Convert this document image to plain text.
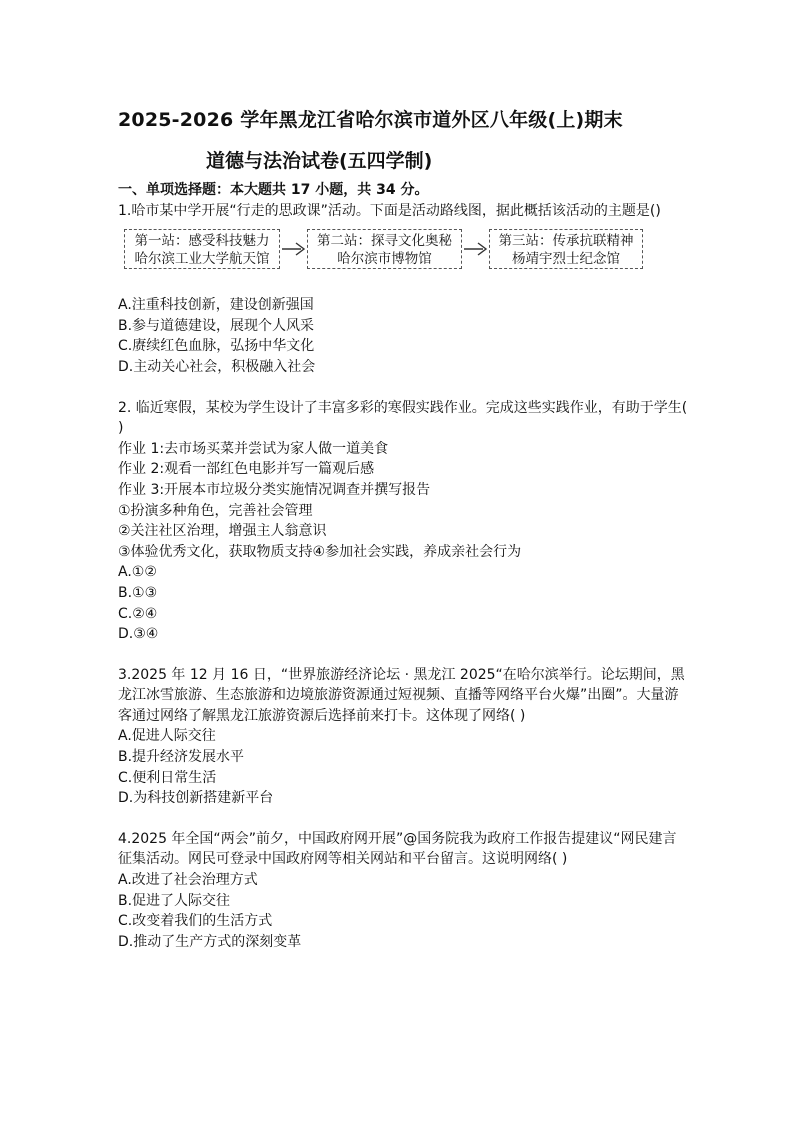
2025-2026 学年黑龙江省哈尔滨市道外区八年级(上)期末
道德与法治试卷(五四学制)
一、单项选择题：本大题共 17 小题，共 34 分。
1.哈市某中学开展“行走的思政课”活动。下面是活动路线图，据此概括该活动的主题是()
第一站：感受科技魅力
哈尔滨工业大学航天馆
第二站：探寻文化奥秘
哈尔滨市博物馆
第三站：传承抗联精神
杨靖宇烈士纪念馆
A.注重科技创新，建设创新强国
B.参与道德建设，展现个人风采
C.赓续红色血脉，弘扬中华文化
D.主动关心社会，积极融入社会
2. 临近寒假，某校为学生设计了丰富多彩的寒假实践作业。完成这些实践作业，有助于学生( )
作业 1:去市场买菜并尝试为家人做一道美食
作业 2:观看一部红色电影并写一篇观后感
作业 3:开展本市垃圾分类实施情况调查并撰写报告
①扮演多种角色，完善社会管理
②关注社区治理，增强主人翁意识
③体验优秀文化，获取物质支持④参加社会实践，养成亲社会行为
A.①②
B.①③
C.②④
D.③④
3.2025 年 12 月 16 日，“世界旅游经济论坛 · 黑龙江 2025“在哈尔滨举行。论坛期间，黑龙江冰雪旅游、生态旅游和边境旅游资源通过短视频、直播等网络平台火爆”出圈”。大量游客通过网络了解黑龙江旅游资源后选择前来打卡。这体现了网络( )
A.促进人际交往
B.提升经济发展水平
C.便利日常生活
D.为科技创新搭建新平台
4.2025 年全国“两会”前夕，中国政府网开展”@国务院我为政府工作报告提建议“网民建言征集活动。网民可登录中国政府网等相关网站和平台留言。这说明网络( )
A.改进了社会治理方式
B.促进了人际交往
C.改变着我们的生活方式
D.推动了生产方式的深刻变革
